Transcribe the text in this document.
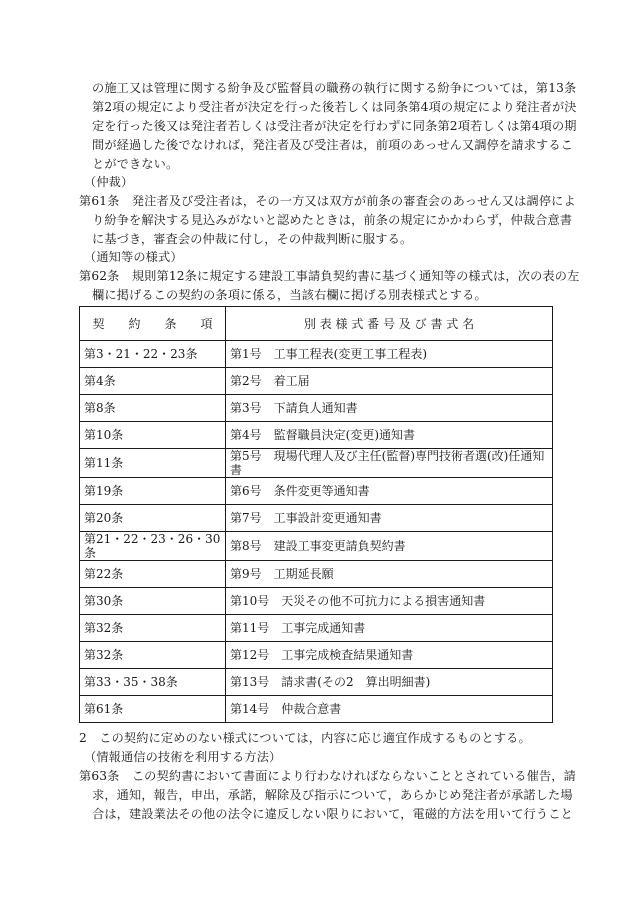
の施工又は管理に関する紛争及び監督員の職務の執行に関する紛争については，第13条
第2項の規定により受注者が決定を行った後若しくは同条第4項の規定により発注者が決
定を行った後又は発注者若しくは受注者が決定を行わずに同条第2項若しくは第4項の期
間が経過した後でなければ，発注者及び受注者は，前項のあっせん又調停を請求するこ
とができない。
（仲裁）
第61条　発注者及び受注者は，その一方又は双方が前条の審査会のあっせん又は調停によ
り紛争を解決する見込みがないと認めたときは，前条の規定にかかわらず，仲裁合意書
に基づき，審査会の仲裁に付し，その仲裁判断に服する。
（通知等の様式）
第62条　規則第12条に規定する建設工事請負契約書に基づく通知等の様式は，次の表の左
欄に掲げるこの契約の条項に係る，当該右欄に掲げる別表様式とする。
契　　約　　条　　項	別 表 様 式 番 号 及 び 書 式 名
第3・21・22・23条	第1号　工事工程表(変更工事工程表)
第4条	第2号　着工届
第8条	第3号　下請負人通知書
第10条	第4号　監督職員決定(変更)通知書
第11条	第5号　現場代理人及び主任(監督)専門技術者選(改)任通知書
第19条	第6号　条件変更等通知書
第20条	第7号　工事設計変更通知書
第21・22・23・26・30条	第8号　建設工事変更請負契約書
第22条	第9号　工期延長願
第30条	第10号　天災その他不可抗力による損害通知書
第32条	第11号　工事完成通知書
第32条	第12号　工事完成検査結果通知書
第33・35・38条	第13号　請求書(その2　算出明細書)
第61条	第14号　仲裁合意書
2　この契約に定めのない様式については，内容に応じ適宜作成するものとする。
（情報通信の技術を利用する方法）
第63条　この契約書において書面により行わなければならないこととされている催告，請
求，通知，報告，申出，承諾，解除及び指示について，あらかじめ発注者が承諾した場
合は，建設業法その他の法令に違反しない限りにおいて，電磁的方法を用いて行うこと
